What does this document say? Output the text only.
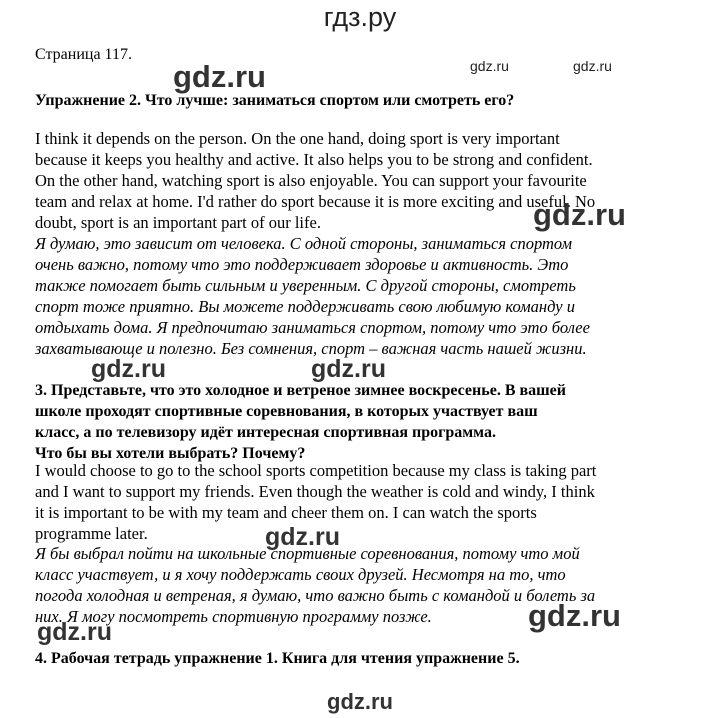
гдз.ру
Страница 117.
gdz.ru	gdz.ru	gdz.ru
Упражнение 2. Что лучше: заниматься спортом или смотреть его?
I think it depends on the person. On the one hand, doing sport is very important
because it keeps you healthy and active. It also helps you to be strong and confident.
On the other hand, watching sport is also enjoyable. You can support your favourite
team and relax at home. I'd rather do sport because it is more exciting and useful. No
doubt, sport is an important part of our life.	gdz.ru
Я думаю, это зависит от человека. С одной стороны, заниматься спортом
очень важно, потому что это поддерживает здоровье и активность. Это
также помогает быть сильным и уверенным. С другой стороны, смотреть
спорт тоже приятно. Вы можете поддерживать свою любимую команду и
отдыхать дома. Я предпочитаю заниматься спортом, потому что это более
захватывающе и полезно. Без сомнения, спорт – важная часть нашей жизни.
gdz.ru	gdz.ru
3. Представьте, что это холодное и ветреное зимнее воскресенье. В вашей
школе проходят спортивные соревнования, в которых участвует ваш
класс, а по телевизору идёт интересная спортивная программа.
Что бы вы хотели выбрать? Почему?
I would choose to go to the school sports competition because my class is taking part
and I want to support my friends. Even though the weather is cold and windy, I think
it is important to be with my team and cheer them on. I can watch the sports
programme later.	gdz.ru
Я бы выбрал пойти на школьные спортивные соревнования, потому что мой
класс участвует, и я хочу поддержать своих друзей. Несмотря на то, что
погода холодная и ветреная, я думаю, что важно быть с командой и болеть за
них. Я могу посмотреть спортивную программу позже.	gdz.ru
gdz.ru
4. Рабочая тетрадь упражнение 1. Книга для чтения упражнение 5.
gdz.ru
